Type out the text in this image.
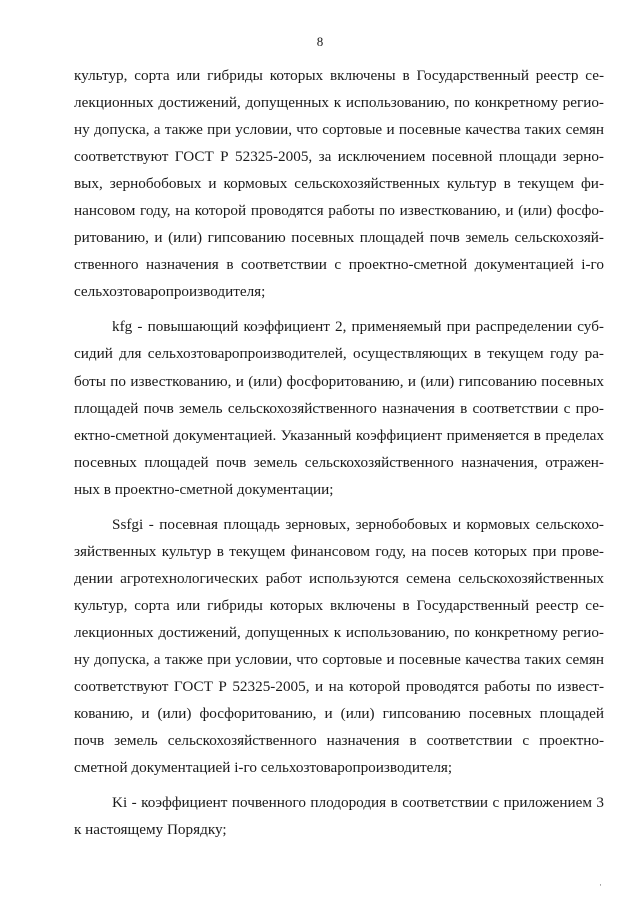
8

культур, сорта или гибриды которых включены в Государственный реестр се-
лекционных достижений, допущенных к использованию, по конкретному регио-
ну допуска, а также при условии, что сортовые и посевные качества таких семян
соответствуют ГОСТ Р 52325-2005, за исключением посевной площади зерно-
вых, зернобобовых и кормовых сельскохозяйственных культур в текущем фи-
нансовом году, на которой проводятся работы по известкованию, и (или) фосфо-
ритованию, и (или) гипсованию посевных площадей почв земель сельскохозяй-
ственного назначения в соответствии с проектно-сметной документацией i-го
сельхозтоваропроизводителя;

kfg - повышающий коэффициент 2, применяемый при распределении суб-
сидий для сельхозтоваропроизводителей, осуществляющих в текущем году ра-
боты по известкованию, и (или) фосфоритованию, и (или) гипсованию посевных
площадей почв земель сельскохозяйственного назначения в соответствии с про-
ектно-сметной документацией. Указанный коэффициент применяется в пределах
посевных площадей почв земель сельскохозяйственного назначения, отражен-
ных в проектно-сметной документации;

Ssfgi - посевная площадь зерновых, зернобобовых и кормовых сельскохо-
зяйственных культур в текущем финансовом году, на посев которых при прове-
дении агротехнологических работ используются семена сельскохозяйственных
культур, сорта или гибриды которых включены в Государственный реестр се-
лекционных достижений, допущенных к использованию, по конкретному регио-
ну допуска, а также при условии, что сортовые и посевные качества таких семян
соответствуют ГОСТ Р 52325-2005, и на которой проводятся работы по извест-
кованию, и (или) фосфоритованию, и (или) гипсованию посевных площадей
почв земель сельскохозяйственного назначения в соответствии с проектно-
сметной документацией i-го сельхозтоваропроизводителя;

Ki - коэффициент почвенного плодородия в соответствии с приложением 3
к настоящему Порядку;

·
